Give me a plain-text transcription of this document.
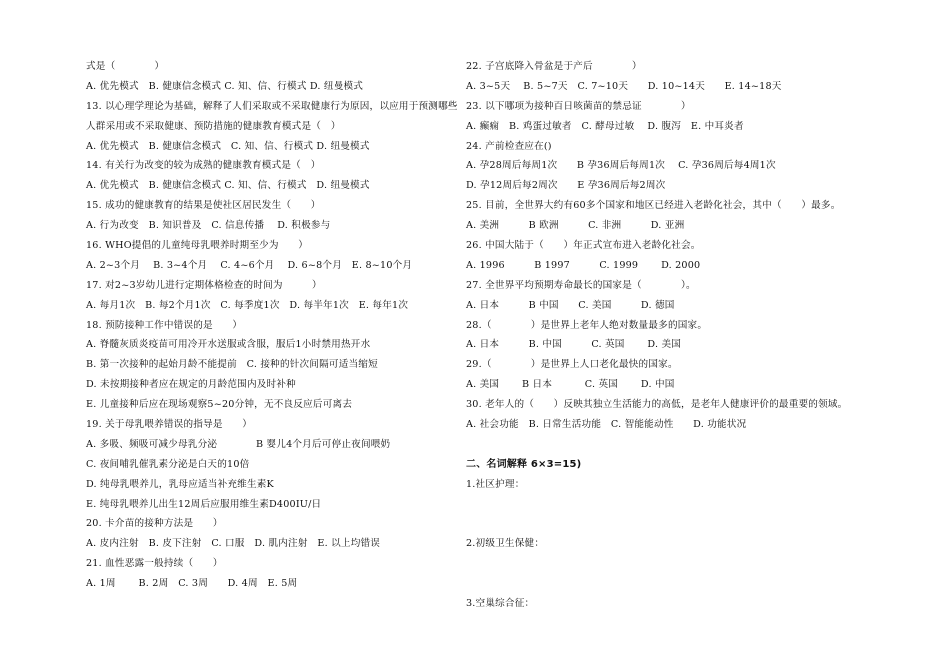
式是（　　　　）
A. 优先模式　B. 健康信念模式 C. 知、信、行模式 D. 纽曼模式
13. 以心理学理论为基础，解释了人们采取或不采取健康行为原因，以应用于预测哪些
人群采用或不采取健康、预防措施的健康教育模式是（　）
A. 优先模式　B. 健康信念模式　C. 知、信、行模式 D. 纽曼模式
14. 有关行为改变的较为成熟的健康教育模式是（　）
A. 优先模式　B. 健康信念模式 C. 知、信、行模式　D. 纽曼模式
15. 成功的健康教育的结果是使社区居民发生（　　）
A. 行为改变　B. 知识普及　C. 信息传播　 D. 积极参与
16. WHO提倡的儿童纯母乳喂养时期至少为　　）
A. 2~3个月　 B. 3~4个月　 C. 4~6个月　 D. 6~8个月　E. 8~10个月
17. 对2~3岁幼儿进行定期体格检查的时间为　　　）
A. 每月1次　B. 每2个月1次　C. 每季度1次　D. 每半年1次　E. 每年1次
18. 预防接种工作中错误的是　　）
A. 脊髓灰质炎疫苗可用冷开水送服或含服，服后1小时禁用热开水
B. 第一次接种的起始月龄不能提前　C. 接种的针次间隔可适当缩短
D. 未按期接种者应在规定的月龄范围内及时补种
E. 儿童接种后应在现场观察5~20分钟，无不良反应后可离去
19. 关于母乳喂养错误的指导是　　）
A. 多吸、频吸可减少母乳分泌	B 婴儿4个月后可停止夜间喂奶
C. 夜间哺乳催乳素分泌是白天的10倍
D. 纯母乳喂养儿，乳母应适当补充维生素K
E. 纯母乳喂养儿出生12周后应服用维生素D400IU/日
20. 卡介苗的接种方法是　　）
A. 皮内注射　B. 皮下注射　C. 口服　D. 肌内注射　E. 以上均错误
21. 血性恶露一般持续（　　）
A. 1周　　 B. 2周　C. 3周　　D. 4周　E. 5周
22. 子宫底降入骨盆是于产后　　　　）
A. 3~5天　 B. 5~7天　C. 7~10天　　D. 10~14天　　E. 14~18天
23. 以下哪项为接种百日咳菌苗的禁忌证　　　　）
A. 癫痫　B. 鸡蛋过敏者　C. 酵母过敏　 D. 腹泻　E. 中耳炎者
24. 产前检查应在()
A. 孕28周后每周1次　　B 孕36周后每周1次　 C. 孕36周后每4周1次
D. 孕12周后每2周次　　E 孕36周后每2周次
25. 目前，全世界大约有60多个国家和地区已经进入老龄化社会，其中（　　）最多。
A. 美洲　　　B 欧洲　　　C. 非洲　　　D. 亚洲
26. 中国大陆于（　　）年正式宣布进入老龄化社会。
A. 1996　　　B 1997　　　C. 1999　　 D. 2000
27. 全世界平均预期寿命最长的国家是（　　　　）。
A. 日本　　　B 中国　　C. 美国　　　D. 德国
28.（　　　　）是世界上老年人绝对数量最多的国家。
A. 日本　　　B. 中国　　　C. 英国　　 D. 美国
29.（　　　　）是世界上人口老化最快的国家。
A. 美国　　 B 日本　　　 C. 英国　　 D. 中国
30. 老年人的（　　）反映其独立生活能力的高低，是老年人健康评价的最重要的领域。
A. 社会功能　B. 日常生活功能　C. 智能能动性　　D. 功能状况
二、名词解释 6×3=15)
1.社区护理：
2.初级卫生保健：
3.空巢综合征：
